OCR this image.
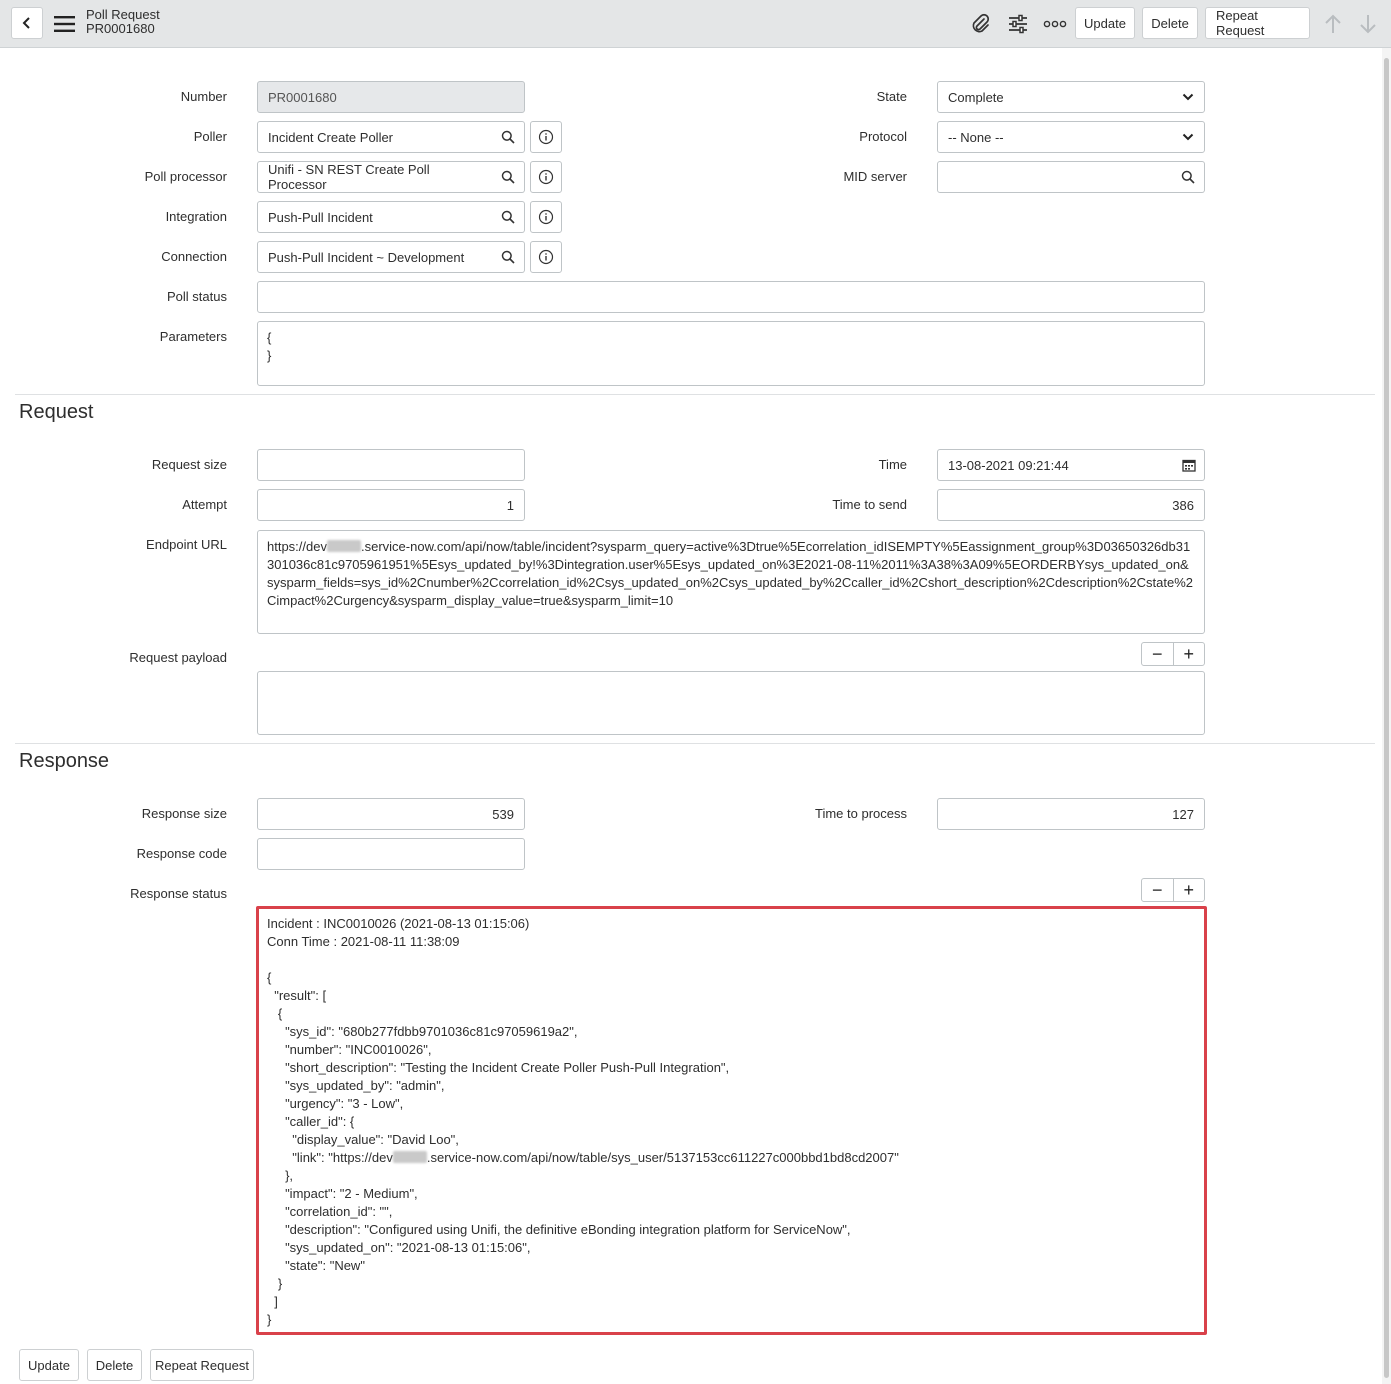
Poll Request
PR0001680	Update	Delete	Repeat Request
Number	PR0001680
Poller	Incident Create Poller
Poll processor	Unifi - SN REST Create Poll Processor
Integration	Push-Pull Incident
Connection	Push-Pull Incident ~ Development
Poll status
Parameters	{
}
State	Complete
Protocol	-- None --
MID server
Request
Request size
Attempt	1
Time	13-08-2021 09:21:44
Time to send	386
Endpoint URL	https://dev	.service-now.com/api/now/table/incident?sysparm_query=active%3Dtrue%5Ecorrelation_idISEMPTY%5Eassignment_group%3D03650326db31301036c81c9705961951%5Esys_updated_by!%3Dintegration.user%5Esys_updated_on%3E2021-08-11%2011%3A38%3A09%5EORDERBYsys_updated_on&sysparm_fields=sys_id%2Cnumber%2Ccorrelation_id%2Csys_updated_on%2Csys_updated_by%2Ccaller_id%2Cshort_description%2Cdescription%2Cstate%2Cimpact%2Curgency&sysparm_display_value=true&sysparm_limit=10
Request payload	−	+
Response
Response size	539
Response code
Time to process	127
Response status	−	+
Incident : INC0010026 (2021-08-13 01:15:06)
Conn Time : 2021-08-11 11:38:09

{
"result": [
{
"sys_id": "680b277fdbb9701036c81c97059619a2",
"number": "INC0010026",
"short_description": "Testing the Incident Create Poller Push-Pull Integration",
"sys_updated_by": "admin",
"urgency": "3 - Low",
"caller_id": {
"display_value": "David Loo",
"link": "https://dev	.service-now.com/api/now/table/sys_user/5137153cc611227c000bbd1bd8cd2007"
},
"impact": "2 - Medium",
"correlation_id": "",
"description": "Configured using Unifi, the definitive eBonding integration platform for ServiceNow",
"sys_updated_on": "2021-08-13 01:15:06",
"state": "New"
}
]
}
Update	Delete	Repeat Request
